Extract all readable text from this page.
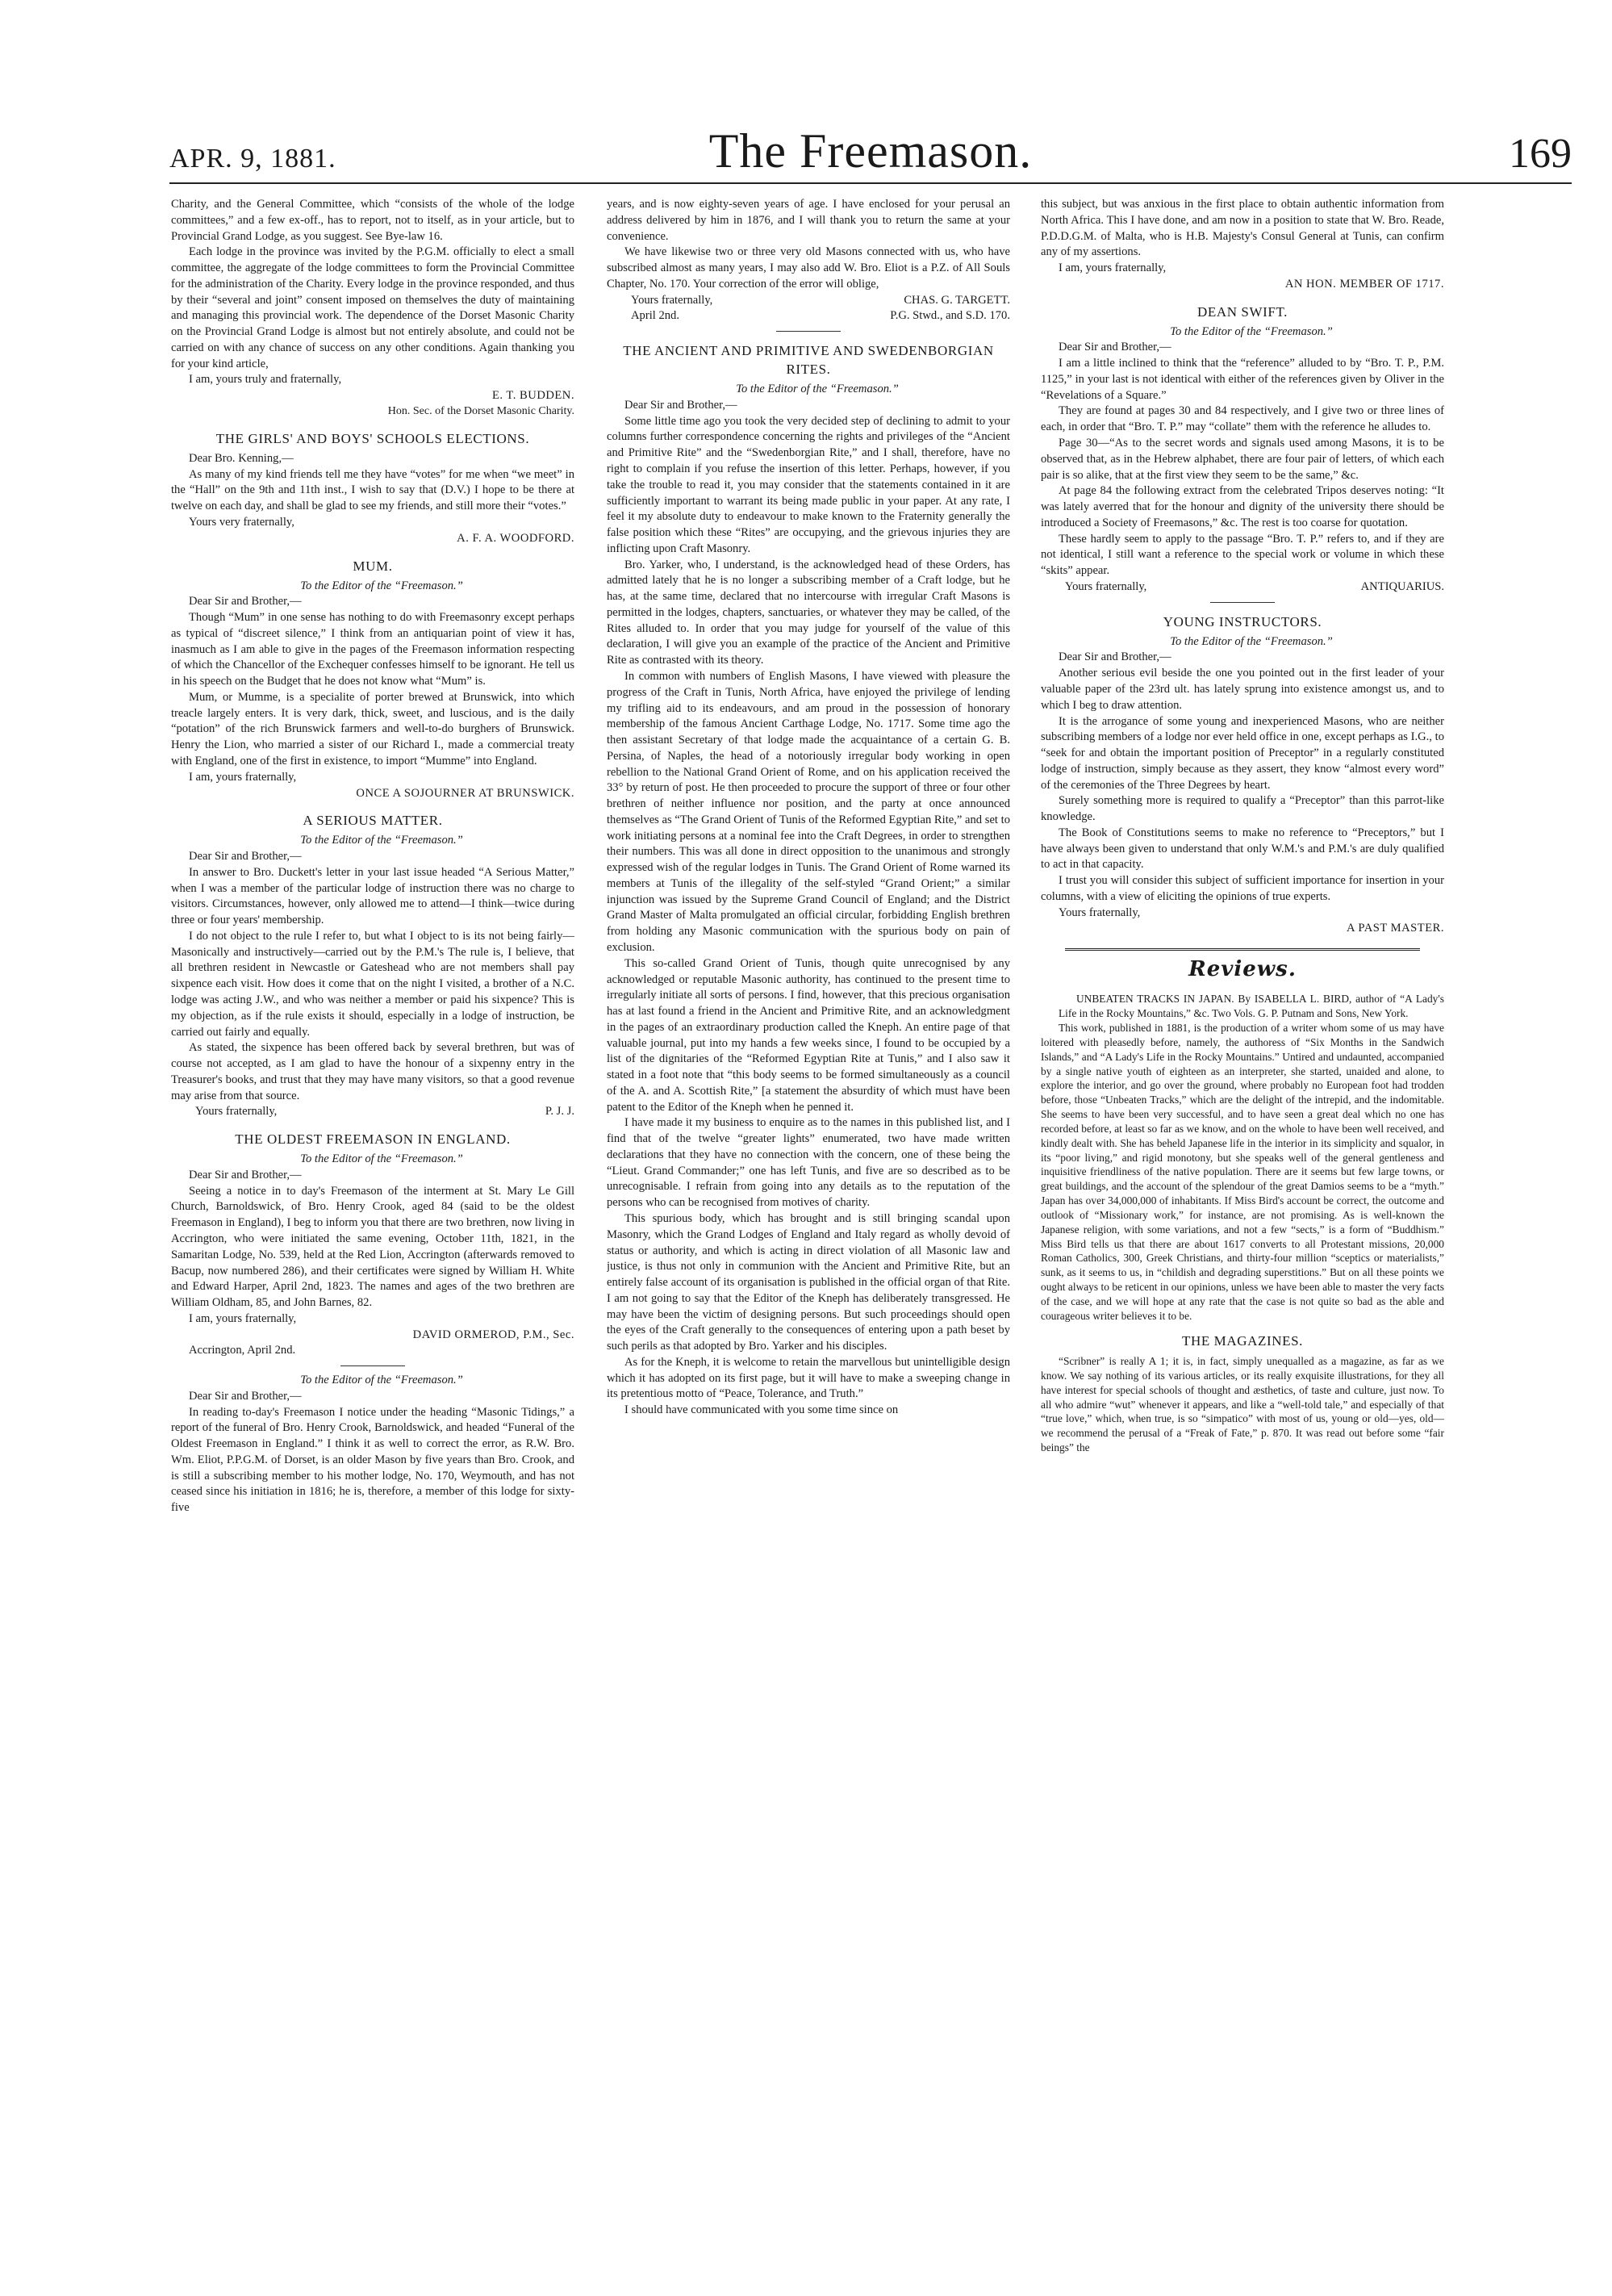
APR. 9, 1881.	The Freemason.	169

Charity, and the General Committee, which “consists of the whole of the lodge committees,” and a few ex-off., has to report, not to itself, as in your article, but to Provincial Grand Lodge, as you suggest. See Bye-law 16.

Each lodge in the province was invited by the P.G.M. officially to elect a small committee, the aggregate of the lodge committees to form the Provincial Committee for the administration of the Charity. Every lodge in the province responded, and thus by their “several and joint” consent imposed on themselves the duty of maintaining and managing this provincial work. The dependence of the Dorset Masonic Charity on the Provincial Grand Lodge is almost but not entirely absolute, and could not be carried on with any chance of success on any other conditions. Again thanking you for your kind article,

I am, yours truly and fraternally,

E. T. BUDDEN.

Hon. Sec. of the Dorset Masonic Charity.

THE GIRLS' AND BOYS' SCHOOLS ELECTIONS.

Dear Bro. Kenning,—

As many of my kind friends tell me they have “votes” for me when “we meet” in the “Hall” on the 9th and 11th inst., I wish to say that (D.V.) I hope to be there at twelve on each day, and shall be glad to see my friends, and still more their “votes.”

Yours very fraternally,

A. F. A. WOODFORD.

MUM.

To the Editor of the “Freemason.”

Dear Sir and Brother,—

Though “Mum” in one sense has nothing to do with Freemasonry except perhaps as typical of “discreet silence,” I think from an antiquarian point of view it has, inasmuch as I am able to give in the pages of the Freemason information respecting of which the Chancellor of the Exchequer confesses himself to be ignorant. He tell us in his speech on the Budget that he does not know what “Mum” is.

Mum, or Mumme, is a specialite of porter brewed at Brunswick, into which treacle largely enters. It is very dark, thick, sweet, and luscious, and is the daily “potation” of the rich Brunswick farmers and well-to-do burghers of Brunswick. Henry the Lion, who married a sister of our Richard I., made a commercial treaty with England, one of the first in existence, to import “Mumme” into England.

I am, yours fraternally,

ONCE A SOJOURNER AT BRUNSWICK.

A SERIOUS MATTER.

To the Editor of the “Freemason.”

Dear Sir and Brother,—

In answer to Bro. Duckett's letter in your last issue headed “A Serious Matter,” when I was a member of the particular lodge of instruction there was no charge to visitors. Circumstances, however, only allowed me to attend—I think—twice during three or four years' membership.

I do not object to the rule I refer to, but what I object to is its not being fairly—Masonically and instructively—carried out by the P.M.'s The rule is, I believe, that all brethren resident in Newcastle or Gateshead who are not members shall pay sixpence each visit. How does it come that on the night I visited, a brother of a N.C. lodge was acting J.W., and who was neither a member or paid his sixpence? This is my objection, as if the rule exists it should, especially in a lodge of instruction, be carried out fairly and equally.

As stated, the sixpence has been offered back by several brethren, but was of course not accepted, as I am glad to have the honour of a sixpenny entry in the Treasurer's books, and trust that they may have many visitors, so that a good revenue may arise from that source.

Yours fraternally,	P. J. J.
THE OLDEST FREEMASON IN ENGLAND.

To the Editor of the “Freemason.”

Dear Sir and Brother,—

Seeing a notice in to day's Freemason of the interment at St. Mary Le Gill Church, Barnoldswick, of Bro. Henry Crook, aged 84 (said to be the oldest Freemason in England), I beg to inform you that there are two brethren, now living in Accrington, who were initiated the same evening, October 11th, 1821, in the Samaritan Lodge, No. 539, held at the Red Lion, Accrington (afterwards removed to Bacup, now numbered 286), and their certificates were signed by William H. White and Edward Harper, April 2nd, 1823. The names and ages of the two brethren are William Oldham, 85, and John Barnes, 82.

I am, yours fraternally,

DAVID ORMEROD, P.M., Sec.

Accrington, April 2nd.

To the Editor of the “Freemason.”

Dear Sir and Brother,—

In reading to-day's Freemason I notice under the heading “Masonic Tidings,” a report of the funeral of Bro. Henry Crook, Barnoldswick, and headed “Funeral of the Oldest Freemason in England.” I think it as well to correct the error, as R.W. Bro. Wm. Eliot, P.P.G.M. of Dorset, is an older Mason by five years than Bro. Crook, and is still a subscribing member to his mother lodge, No. 170, Weymouth, and has not ceased since his initiation in 1816; he is, therefore, a member of this lodge for sixty-five

years, and is now eighty-seven years of age. I have enclosed for your perusal an address delivered by him in 1876, and I will thank you to return the same at your convenience.

We have likewise two or three very old Masons connected with us, who have subscribed almost as many years, I may also add W. Bro. Eliot is a P.Z. of All Souls Chapter, No. 170. Your correction of the error will oblige,

Yours fraternally,	CHAS. G. TARGETT.
April 2nd.	P.G. Stwd., and S.D. 170.
THE ANCIENT AND PRIMITIVE AND SWEDENBORGIAN RITES.

To the Editor of the “Freemason.”

Dear Sir and Brother,—

Some little time ago you took the very decided step of declining to admit to your columns further correspondence concerning the rights and privileges of the “Ancient and Primitive Rite” and the “Swedenborgian Rite,” and I shall, therefore, have no right to complain if you refuse the insertion of this letter. Perhaps, however, if you take the trouble to read it, you may consider that the statements contained in it are sufficiently important to warrant its being made public in your paper. At any rate, I feel it my absolute duty to endeavour to make known to the Fraternity generally the false position which these “Rites” are occupying, and the grievous injuries they are inflicting upon Craft Masonry.

Bro. Yarker, who, I understand, is the acknowledged head of these Orders, has admitted lately that he is no longer a subscribing member of a Craft lodge, but he has, at the same time, declared that no intercourse with irregular Craft Masons is permitted in the lodges, chapters, sanctuaries, or whatever they may be called, of the Rites alluded to. In order that you may judge for yourself of the value of this declaration, I will give you an example of the practice of the Ancient and Primitive Rite as contrasted with its theory.

In common with numbers of English Masons, I have viewed with pleasure the progress of the Craft in Tunis, North Africa, have enjoyed the privilege of lending my trifling aid to its endeavours, and am proud in the possession of honorary membership of the famous Ancient Carthage Lodge, No. 1717. Some time ago the then assistant Secretary of that lodge made the acquaintance of a certain G. B. Persina, of Naples, the head of a notoriously irregular body working in open rebellion to the National Grand Orient of Rome, and on his application received the 33° by return of post. He then proceeded to procure the support of three or four other brethren of neither influence nor position, and the party at once announced themselves as “The Grand Orient of Tunis of the Reformed Egyptian Rite,” and set to work initiating persons at a nominal fee into the Craft Degrees, in order to strengthen their numbers. This was all done in direct opposition to the unanimous and strongly expressed wish of the regular lodges in Tunis. The Grand Orient of Rome warned its members at Tunis of the illegality of the self-styled “Grand Orient;” a similar injunction was issued by the Supreme Grand Council of England; and the District Grand Master of Malta promulgated an official circular, forbidding English brethren from holding any Masonic communication with the spurious body on pain of exclusion.

This so-called Grand Orient of Tunis, though quite unrecognised by any acknowledged or reputable Masonic authority, has continued to the present time to irregularly initiate all sorts of persons. I find, however, that this precious organisation has at last found a friend in the Ancient and Primitive Rite, and an acknowledgment in the pages of an extraordinary production called the Kneph. An entire page of that valuable journal, put into my hands a few weeks since, I found to be occupied by a list of the dignitaries of the “Reformed Egyptian Rite at Tunis,” and I also saw it stated in a foot note that “this body seems to be formed simultaneously as a council of the A. and A. Scottish Rite,” [a statement the absurdity of which must have been patent to the Editor of the Kneph when he penned it.

I have made it my business to enquire as to the names in this published list, and I find that of the twelve “greater lights” enumerated, two have made written declarations that they have no connection with the concern, one of these being the “Lieut. Grand Commander;” one has left Tunis, and five are so described as to be unrecognisable. I refrain from going into any details as to the reputation of the persons who can be recognised from motives of charity.

This spurious body, which has brought and is still bringing scandal upon Masonry, which the Grand Lodges of England and Italy regard as wholly devoid of status or authority, and which is acting in direct violation of all Masonic law and justice, is thus not only in communion with the Ancient and Primitive Rite, but an entirely false account of its organisation is published in the official organ of that Rite. I am not going to say that the Editor of the Kneph has deliberately transgressed. He may have been the victim of designing persons. But such proceedings should open the eyes of the Craft generally to the consequences of entering upon a path beset by such perils as that adopted by Bro. Yarker and his disciples.

As for the Kneph, it is welcome to retain the marvellous but unintelligible design which it has adopted on its first page, but it will have to make a sweeping change in its pretentious motto of “Peace, Tolerance, and Truth.”

I should have communicated with you some time since on

this subject, but was anxious in the first place to obtain authentic information from North Africa. This I have done, and am now in a position to state that W. Bro. Reade, P.D.D.G.M. of Malta, who is H.B. Majesty's Consul General at Tunis, can confirm any of my assertions.

I am, yours fraternally,

AN HON. MEMBER OF 1717.

DEAN SWIFT.

To the Editor of the “Freemason.”

Dear Sir and Brother,—

I am a little inclined to think that the “reference” alluded to by “Bro. T. P., P.M. 1125,” in your last is not identical with either of the references given by Oliver in the “Revelations of a Square.”

They are found at pages 30 and 84 respectively, and I give two or three lines of each, in order that “Bro. T. P.” may “collate” them with the reference he alludes to.

Page 30—“As to the secret words and signals used among Masons, it is to be observed that, as in the Hebrew alphabet, there are four pair of letters, of which each pair is so alike, that at the first view they seem to be the same,” &c.

At page 84 the following extract from the celebrated Tripos deserves noting: “It was lately averred that for the honour and dignity of the university there should be introduced a Society of Freemasons,” &c. The rest is too coarse for quotation.

These hardly seem to apply to the passage “Bro. T. P.” refers to, and if they are not identical, I still want a reference to the special work or volume in which these “skits” appear.

Yours fraternally,	ANTIQUARIUS.
YOUNG INSTRUCTORS.

To the Editor of the “Freemason.”

Dear Sir and Brother,—

Another serious evil beside the one you pointed out in the first leader of your valuable paper of the 23rd ult. has lately sprung into existence amongst us, and to which I beg to draw attention.

It is the arrogance of some young and inexperienced Masons, who are neither subscribing members of a lodge nor ever held office in one, except perhaps as I.G., to “seek for and obtain the important position of Preceptor” in a regularly constituted lodge of instruction, simply because as they assert, they know “almost every word” of the ceremonies of the Three Degrees by heart.

Surely something more is required to qualify a “Preceptor” than this parrot-like knowledge.

The Book of Constitutions seems to make no reference to “Preceptors,” but I have always been given to understand that only W.M.'s and P.M.'s are duly qualified to act in that capacity.

I trust you will consider this subject of sufficient importance for insertion in your columns, with a view of eliciting the opinions of true experts.

Yours fraternally,

A PAST MASTER.

Reviews.

UNBEATEN TRACKS IN JAPAN. By ISABELLA L. BIRD, author of “A Lady's Life in the Rocky Mountains,” &c. Two Vols. G. P. Putnam and Sons, New York.

This work, published in 1881, is the production of a writer whom some of us may have loitered with pleasedly before, namely, the authoress of “Six Months in the Sandwich Islands,” and “A Lady's Life in the Rocky Mountains.” Untired and undaunted, accompanied by a single native youth of eighteen as an interpreter, she started, unaided and alone, to explore the interior, and go over the ground, where probably no European foot had trodden before, those “Unbeaten Tracks,” which are the delight of the intrepid, and the indomitable. She seems to have been very successful, and to have seen a great deal which no one has recorded before, at least so far as we know, and on the whole to have been well received, and kindly dealt with. She has beheld Japanese life in the interior in its simplicity and squalor, in its “poor living,” and rigid monotony, but she speaks well of the general gentleness and inquisitive friendliness of the native population. There are it seems but few large towns, or great buildings, and the account of the splendour of the great Damios seems to be a “myth.” Japan has over 34,000,000 of inhabitants. If Miss Bird's account be correct, the outcome and outlook of “Missionary work,” for instance, are not promising. As is well-known the Japanese religion, with some variations, and not a few “sects,” is a form of “Buddhism.” Miss Bird tells us that there are about 1617 converts to all Protestant missions, 20,000 Roman Catholics, 300, Greek Christians, and thirty-four million “sceptics or materialists,” sunk, as it seems to us, in “childish and degrading superstitions.” But on all these points we ought always to be reticent in our opinions, unless we have been able to master the very facts of the case, and we will hope at any rate that the case is not quite so bad as the able and courageous writer believes it to be.

THE MAGAZINES.

“Scribner” is really A 1; it is, in fact, simply unequalled as a magazine, as far as we know. We say nothing of its various articles, or its really exquisite illustrations, for they all have interest for special schools of thought and æsthetics, of taste and culture, just now. To all who admire “wut” whenever it appears, and like a “well-told tale,” and especially of that “true love,” which, when true, is so “simpatico” with most of us, young or old—yes, old—we recommend the perusal of a “Freak of Fate,” p. 870. It was read out before some “fair beings” the
